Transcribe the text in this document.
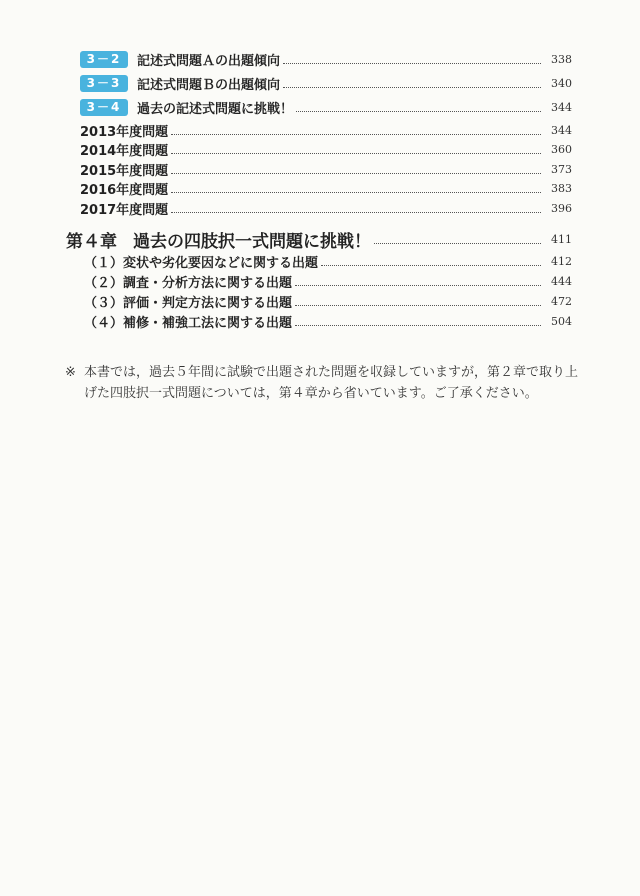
3－2	記述式問題Ａの出題傾向	338
3－3	記述式問題Ｂの出題傾向	340
3－4	過去の記述式問題に挑戦！	344
2013年度問題	344
2014年度問題	360
2015年度問題	373
2016年度問題	383
2017年度問題	396
第４章 過去の四肢択一式問題に挑戦！	411
（１）変状や劣化要因などに関する出題	412
（２）調査・分析方法に関する出題	444
（３）評価・判定方法に関する出題	472
（４）補修・補強工法に関する出題	504
※ 本書では，過去５年間に試験で出題された問題を収録していますが，第２章で取り上げた四肢択一式問題については，第４章から省いています。ご了承ください。
